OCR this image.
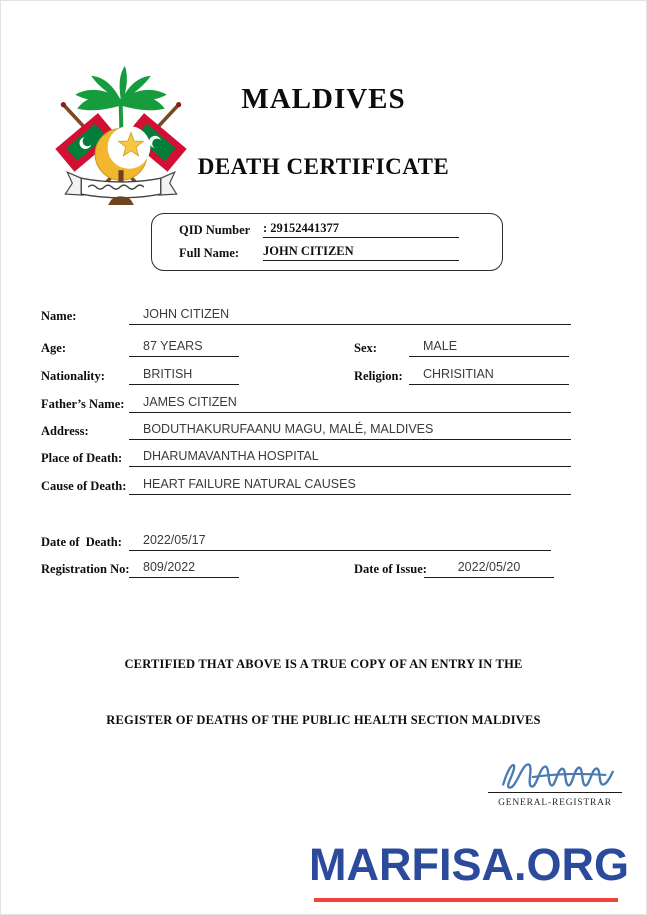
MALDIVES
DEATH CERTIFICATE
QID Number : 29152441377
Full Name: JOHN CITIZEN
Name:	JOHN CITIZEN
Age:	87 YEARS	Sex:	MALE
Nationality:	BRITISH	Religion:	CHRISITIAN
Father’s Name:	JAMES CITIZEN
Address:	BODUTHAKURUFAANU MAGU, MALÉ, MALDIVES
Place of Death:	DHARUMAVANTHA HOSPITAL
Cause of Death:	HEART FAILURE NATURAL CAUSES
Date of  Death:	2022/05/17
Registration No:	809/2022	Date of Issue:	2022/05/20
CERTIFIED THAT ABOVE IS A TRUE COPY OF AN ENTRY IN THE
REGISTER OF DEATHS OF THE PUBLIC HEALTH SECTION MALDIVES
GENERAL-REGISTRAR
MARFISA.ORG
